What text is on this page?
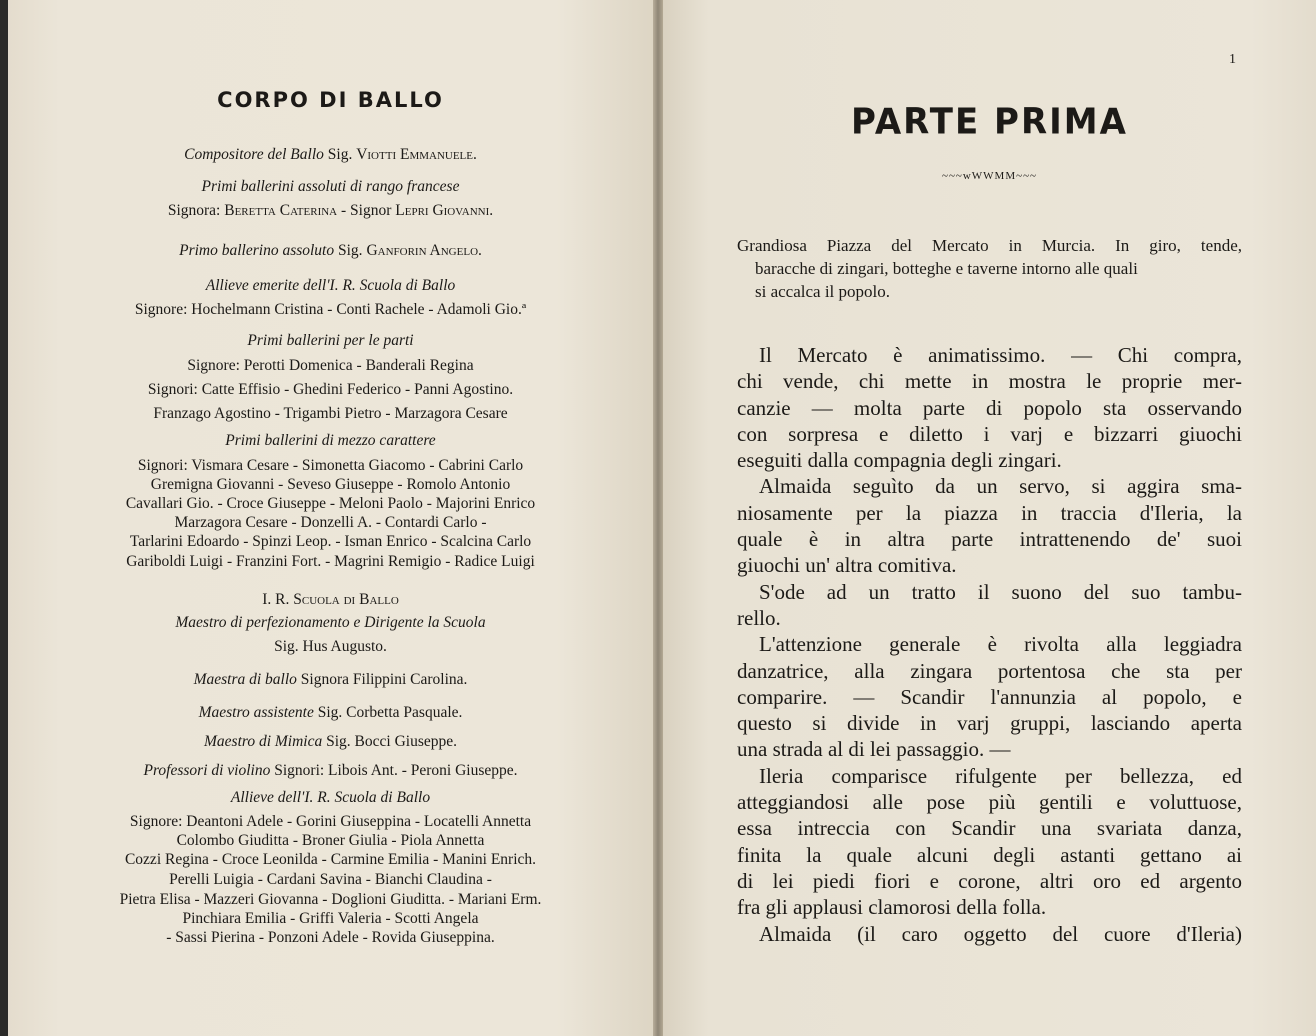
CORPO DI BALLO
Compositore del Ballo Sig. Viotti Emmanuele.
Primi ballerini assoluti di rango francese
Signora: Beretta Caterina - Signor Lepri Giovanni.
Primo ballerino assoluto Sig. Ganforin Angelo.
Allieve emerite dell'I. R. Scuola di Ballo
Signore: Hochelmann Cristina - Conti Rachele - Adamoli Gio.ª
Primi ballerini per le parti
Signore: Perotti Domenica - Banderali Regina
Signori: Catte Effisio - Ghedini Federico - Panni Agostino.
Franzago Agostino - Trigambi Pietro - Marzagora Cesare
Primi ballerini di mezzo carattere
Signori: Vismara Cesare - Simonetta Giacomo - Cabrini Carlo
Gremigna Giovanni - Seveso Giuseppe - Romolo Antonio
Cavallari Gio. - Croce Giuseppe - Meloni Paolo - Majorini Enrico
Marzagora Cesare - Donzelli A. - Contardi Carlo -
Tarlarini Edoardo - Spinzi Leop. - Isman Enrico - Scalcina Carlo
Gariboldi Luigi - Franzini Fort. - Magrini Remigio - Radice Luigi
I. R. Scuola di Ballo
Maestro di perfezionamento e Dirigente la Scuola
Sig. Hus Augusto.
Maestra di ballo Signora Filippini Carolina.
Maestro assistente Sig. Corbetta Pasquale.
Maestro di Mimica Sig. Bocci Giuseppe.
Professori di violino Signori: Libois Ant. - Peroni Giuseppe.
Allieve dell'I. R. Scuola di Ballo
Signore: Deantoni Adele - Gorini Giuseppina - Locatelli Annetta
Colombo Giuditta - Broner Giulia - Piola Annetta
Cozzi Regina - Croce Leonilda - Carmine Emilia - Manini Enrich.
Perelli Luigia - Cardani Savina - Bianchi Claudina -
Pietra Elisa - Mazzeri Giovanna - Doglioni Giuditta. - Mariani Erm.
Pinchiara Emilia - Griffi Valeria - Scotti Angela
- Sassi Pierina - Ponzoni Adele - Rovida Giuseppina.
1
PARTE PRIMA
~~~wWWMM~~~
Grandiosa Piazza del Mercato in Murcia. In giro, tende,
baracche di zingari, botteghe e taverne intorno alle quali
si accalca il popolo.
Il Mercato è animatissimo. — Chi compra,
chi vende, chi mette in mostra le proprie mer-
canzie — molta parte di popolo sta osservando
con sorpresa e diletto i varj e bizzarri giuochi
eseguiti dalla compagnia degli zingari.
Almaida seguìto da un servo, si aggira sma-
niosamente per la piazza in traccia d'Ileria, la
quale è in altra parte intrattenendo de' suoi
giuochi un' altra comitiva.
S'ode ad un tratto il suono del suo tambu-
rello.
L'attenzione generale è rivolta alla leggiadra
danzatrice, alla zingara portentosa che sta per
comparire. — Scandir l'annunzia al popolo, e
questo si divide in varj gruppi, lasciando aperta
una strada al di lei passaggio. —
Ileria comparisce rifulgente per bellezza, ed
atteggiandosi alle pose più gentili e voluttuose,
essa intreccia con Scandir una svariata danza,
finita la quale alcuni degli astanti gettano ai
di lei piedi fiori e corone, altri oro ed argento
fra gli applausi clamorosi della folla.
Almaida (il caro oggetto del cuore d'Ileria)
